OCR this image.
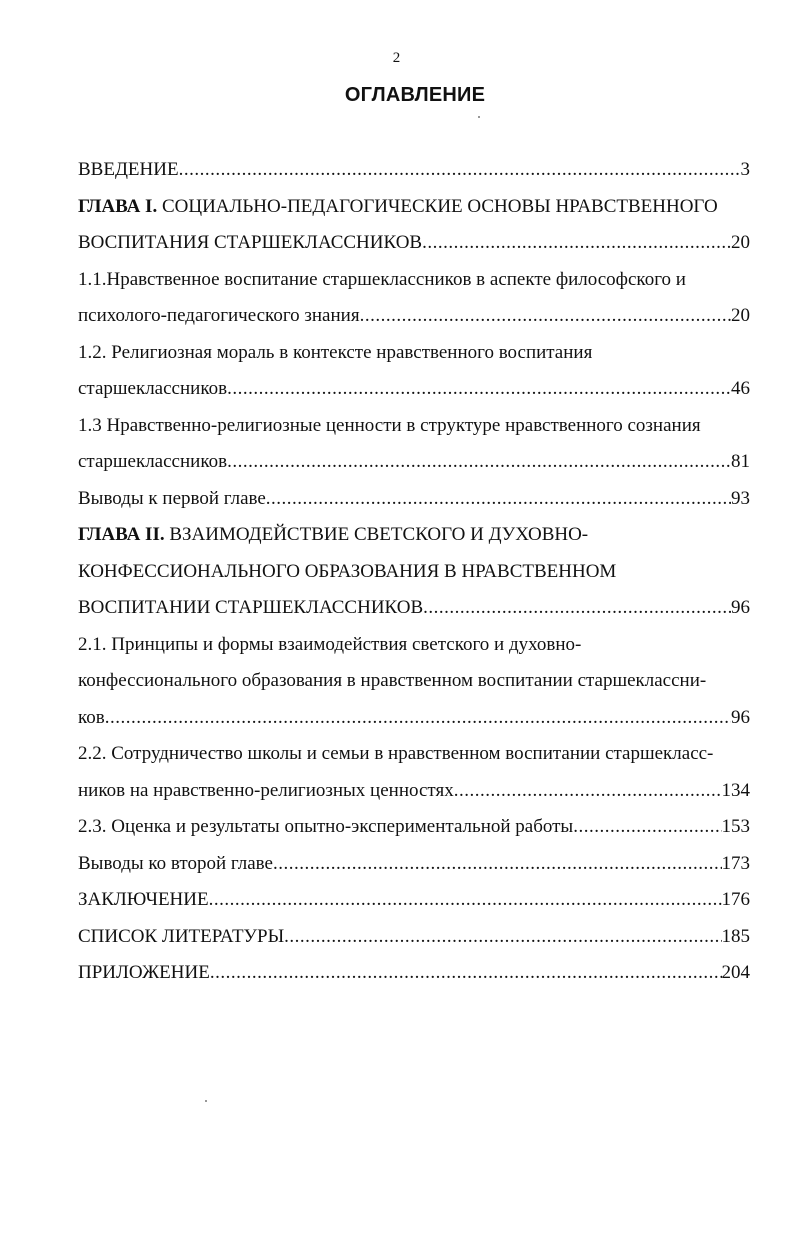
2
ОГЛАВЛЕНИЕ
ВВЕДЕНИЕ .....	3
ГЛАВА I. СОЦИАЛЬНО-ПЕДАГОГИЧЕСКИЕ ОСНОВЫ НРАВСТВЕННОГО
ВОСПИТАНИЯ СТАРШЕКЛАССНИКОВ .....	20
1.1.Нравственное воспитание старшеклассников в аспекте философского и
психолого-педагогического знания .....	20
1.2. Религиозная мораль в контексте нравственного воспитания
старшеклассников .....	46
1.3 Нравственно-религиозные ценности в структуре нравственного сознания
старшеклассников .....	81
Выводы к первой главе .....	93
ГЛАВА II. ВЗАИМОДЕЙСТВИЕ СВЕТСКОГО И ДУХОВНО-
КОНФЕССИОНАЛЬНОГО ОБРАЗОВАНИЯ В НРАВСТВЕННОМ
ВОСПИТАНИИ СТАРШЕКЛАССНИКОВ .....	96
2.1. Принципы и формы взаимодействия светского и духовно-
конфессионального образования в нравственном воспитании старшеклассни-
ков .....	96
2.2. Сотрудничество школы и семьи в нравственном воспитании старшекласс-
ников на нравственно-религиозных ценностях .....	134
2.3. Оценка и результаты опытно-экспериментальной работы .....	153
Выводы ко второй главе .....	173
ЗАКЛЮЧЕНИЕ .....	176
СПИСОК ЛИТЕРАТУРЫ .....	185
ПРИЛОЖЕНИЕ .....	204
